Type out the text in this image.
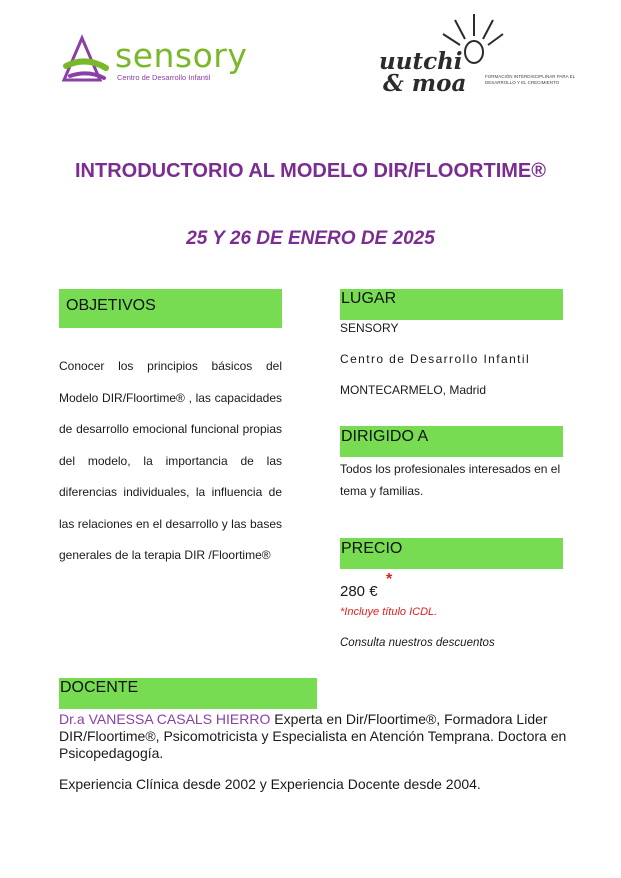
sensory
Centro de Desarrollo Infantil
uutchi
& moa	FORMACIÓN INTERDISCIPLINAR PARA EL DESARROLLO Y EL CRECIMIENTO
INTRODUCTORIO AL MODELO DIR/FLOORTIME®
25 Y 26 DE ENERO DE 2025
OBJETIVOS
Conocer los principios básicos del Modelo DIR/Floortime® , las capacidades de desarrollo emocional funcional propias del modelo, la importancia de las diferencias individuales, la influencia de las relaciones en el desarrollo y las bases generales de la terapia DIR /Floortime®
LUGAR
SENSORY
Centro de Desarrollo Infantil
MONTECARMELO, Madrid
DIRIGIDO A
Todos los profesionales interesados en el tema y familias.
PRECIO
280 €
*
*Incluye título ICDL.
Consulta nuestros descuentos
DOCENTE
Dr.a VANESSA CASALS HIERRO Experta en Dir/Floortime®, Formadora Lider DIR/Floortime®, Psicomotricista y Especialista en Atención Temprana. Doctora en Psicopedagogía.
Experiencia Clínica desde 2002 y Experiencia Docente desde 2004.
